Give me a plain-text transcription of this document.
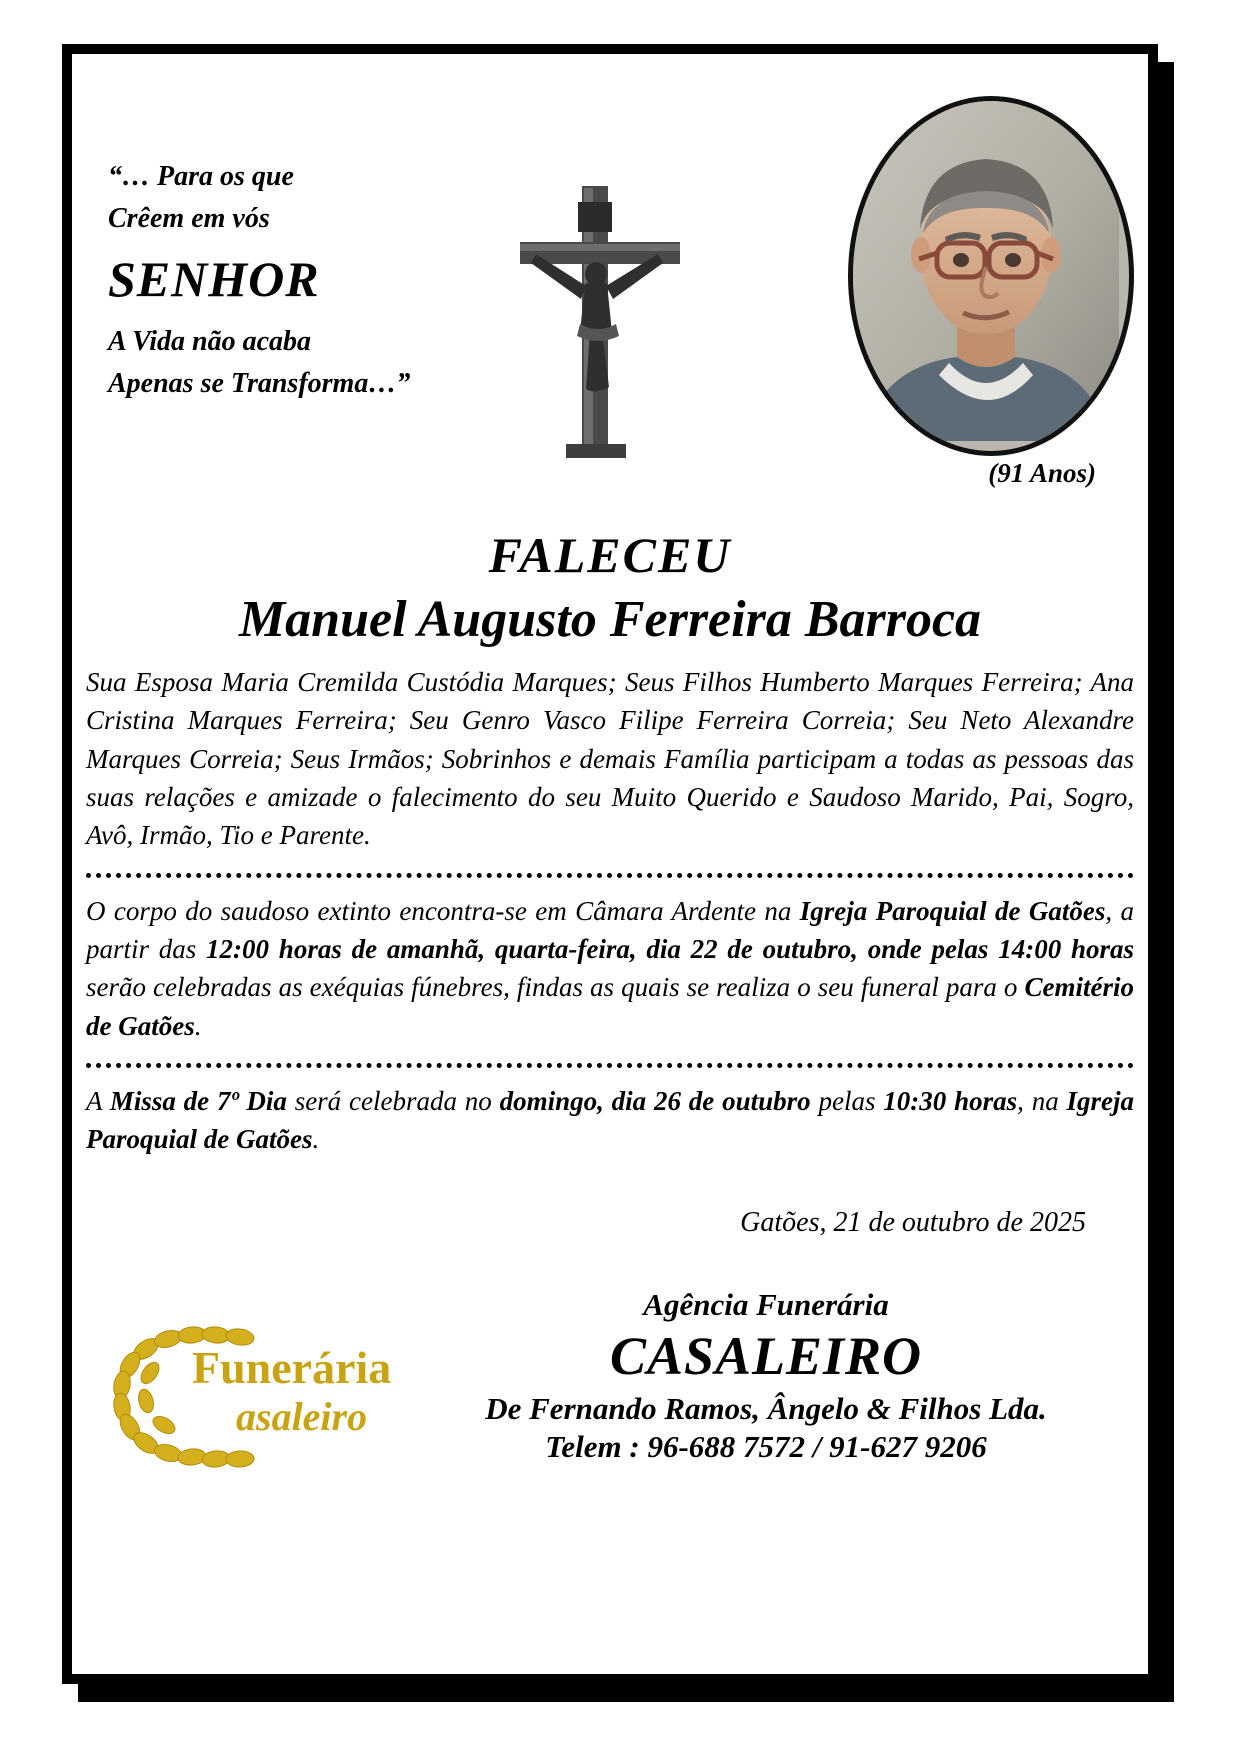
“… Para os que
Crêem em vós
SENHOR
A Vida não acaba
Apenas se Transforma…”
(91 Anos)
FALECEU
Manuel Augusto Ferreira Barroca
Sua Esposa Maria Cremilda Custódia Marques; Seus Filhos Humberto Marques Ferreira; Ana Cristina Marques Ferreira; Seu Genro Vasco Filipe Ferreira Correia; Seu Neto Alexandre Marques Correia; Seus Irmãos; Sobrinhos e demais Família participam a todas as pessoas das suas relações e amizade o falecimento do seu Muito Querido e Saudoso Marido, Pai, Sogro, Avô, Irmão, Tio e Parente.
O corpo do saudoso extinto encontra-se em Câmara Ardente na Igreja Paroquial de Gatões, a partir das 12:00 horas de amanhã, quarta-feira, dia 22 de outubro, onde pelas 14:00 horas serão celebradas as exéquias fúnebres, findas as quais se realiza o seu funeral para o Cemitério de Gatões.
A Missa de 7º Dia será celebrada no domingo, dia 26 de outubro pelas 10:30 horas, na Igreja Paroquial de Gatões.
Gatões, 21 de outubro de 2025
Funerária
asaleiro
Agência Funerária
CASALEIRO
De Fernando Ramos, Ângelo & Filhos Lda.
Telem : 96-688 7572 / 91-627 9206
